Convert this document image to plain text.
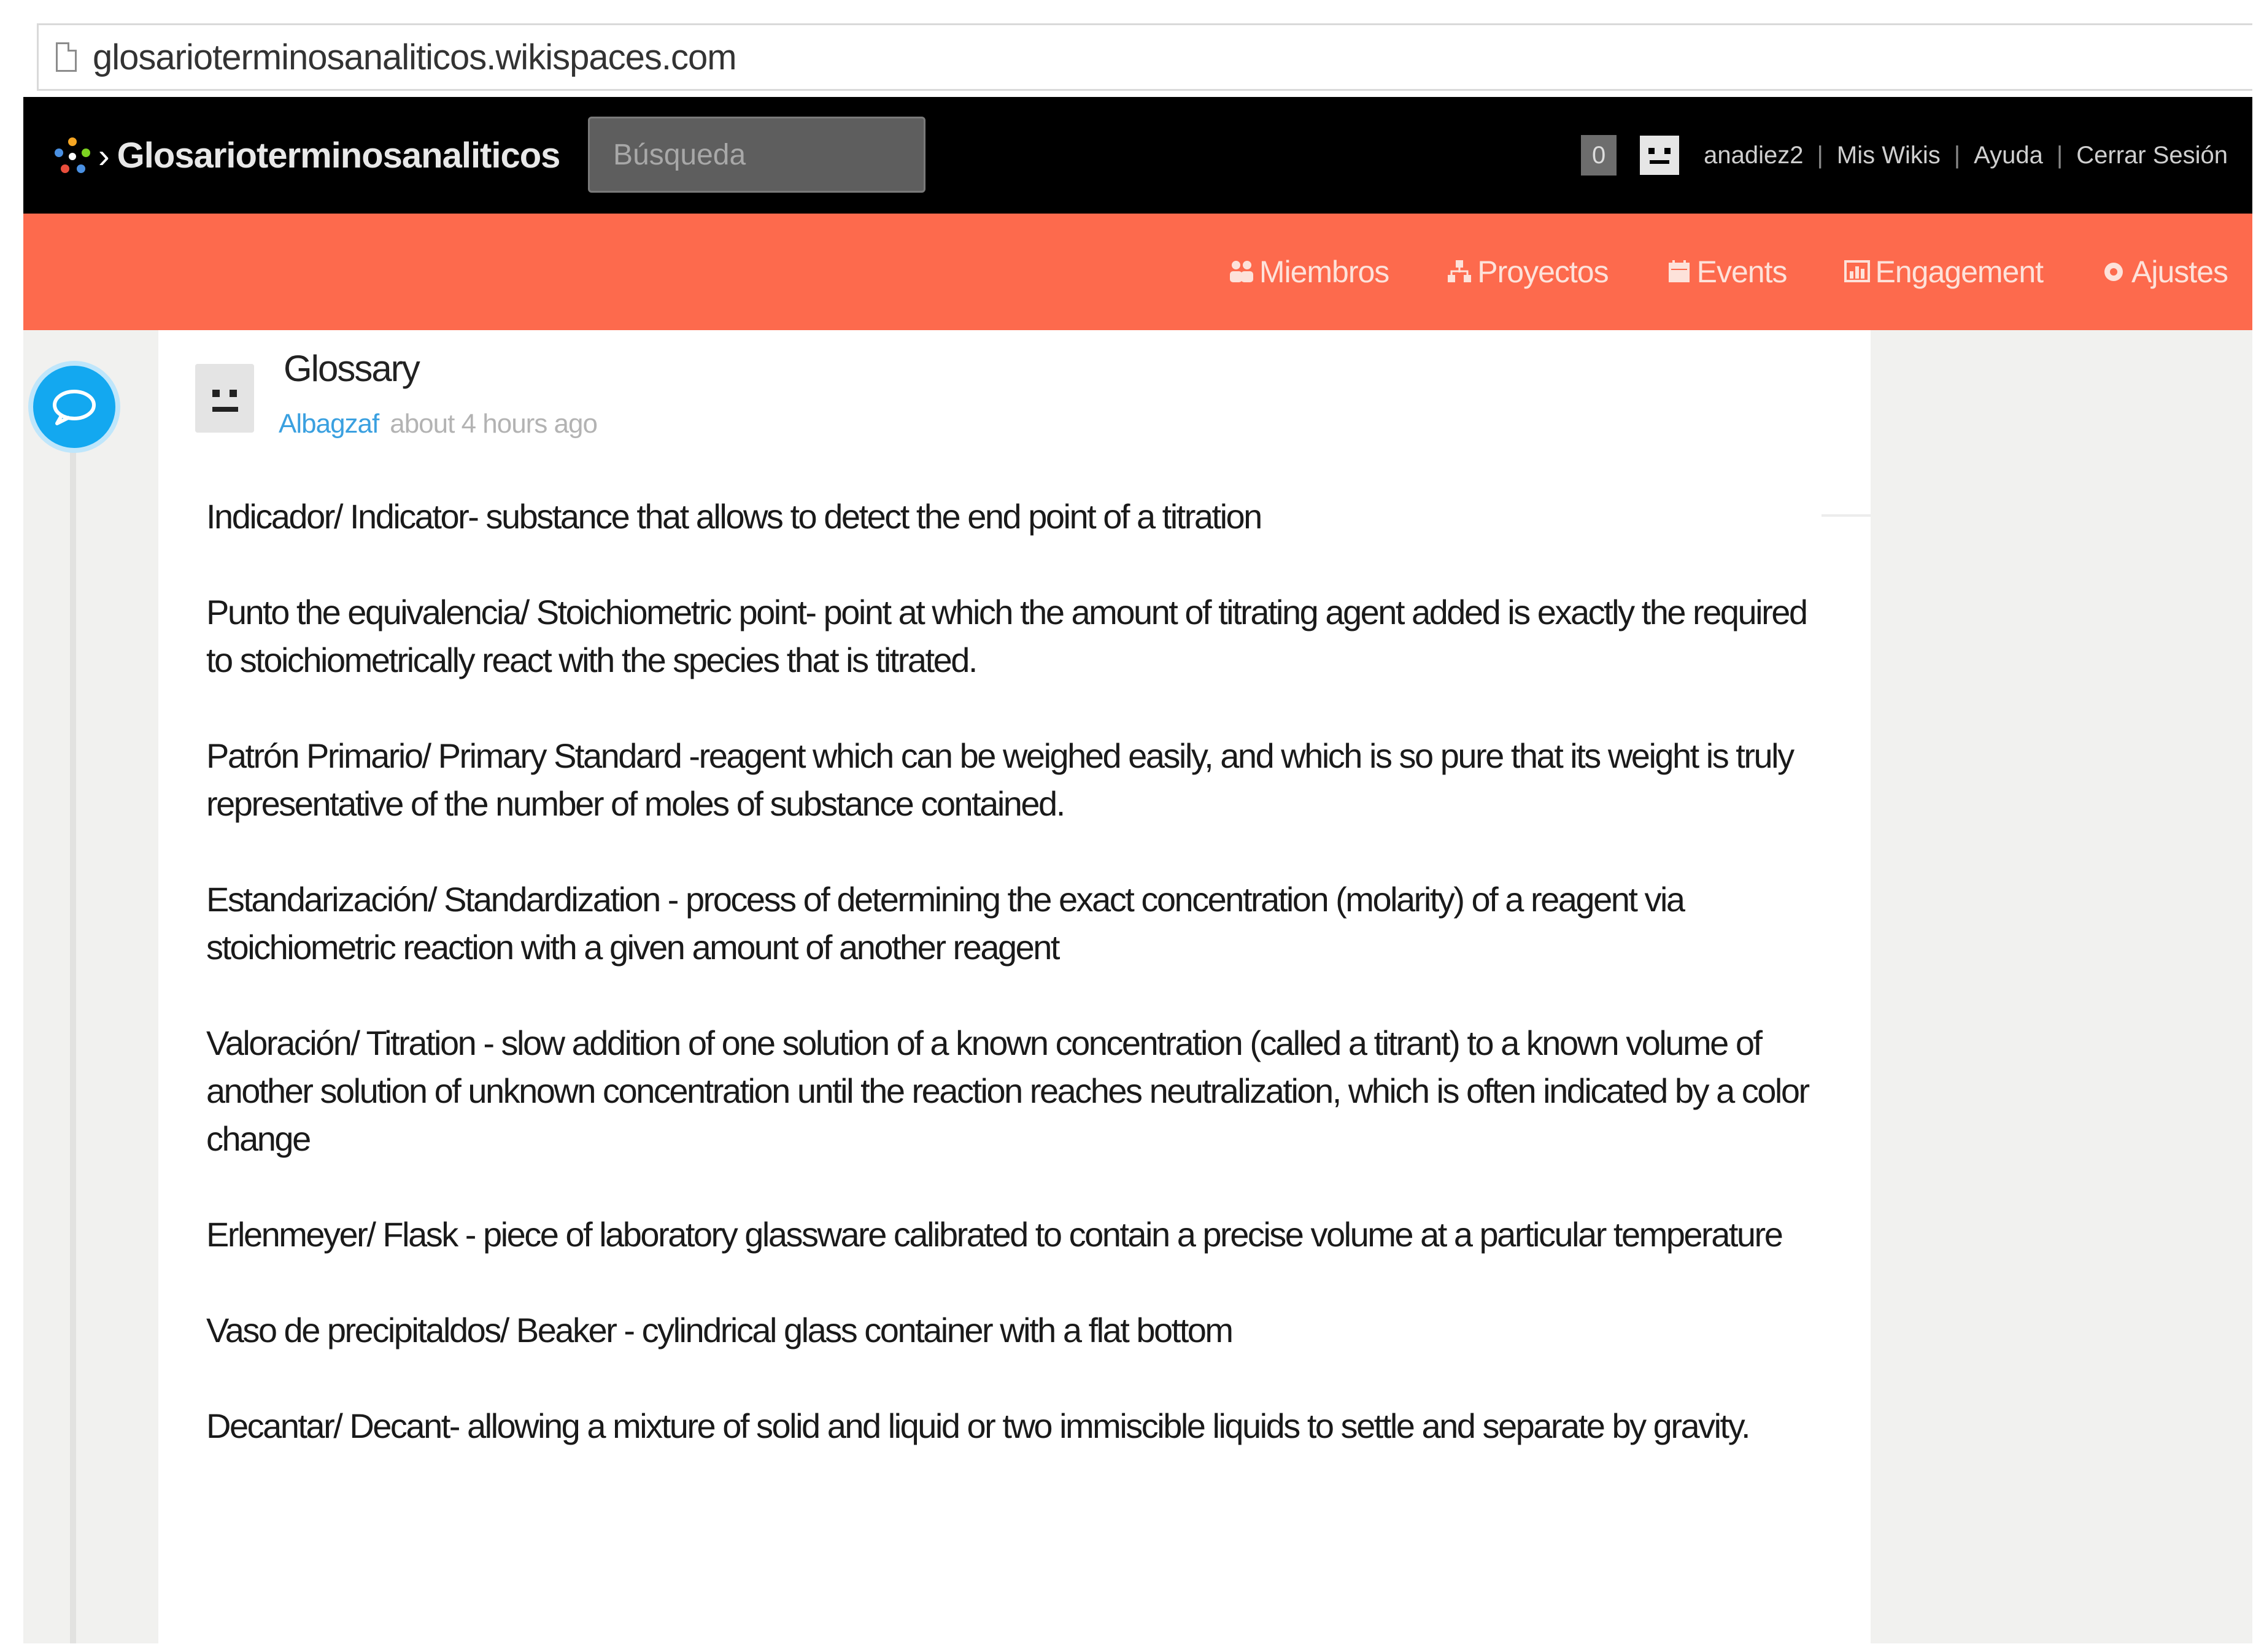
glosarioterminosanaliticos.wikispaces.com
› Glosarioterminosanaliticos
Búsqueda	0	anadiez2 | Mis Wikis | Ayuda | Cerrar Sesión
Miembros	Proyectos	Events	Engagement	Ajustes
Glossary
Albagzaf about 4 hours ago

Indicador/ Indicator- substance that allows to detect the end point of a titration

Punto the equivalencia/ Stoichiometric point- point at which the amount of titrating agent added is exactly the required to stoichiometrically react with the species that is titrated.

Patrón Primario/ Primary Standard -reagent which can be weighed easily, and which is so pure that its weight is truly representative of the number of moles of substance contained.

Estandarización/ Standardization - process of determining the exact concentration (molarity) of a reagent via stoichiometric reaction with a given amount of another reagent

Valoración/ Titration - slow addition of one solution of a known concentration (called a titrant) to a known volume of another solution of unknown concentration until the reaction reaches neutralization, which is often indicated by a color change

Erlenmeyer/ Flask - piece of laboratory glassware calibrated to contain a precise volume at a particular temperature

Vaso de precipitaldos/ Beaker - cylindrical glass container with a flat bottom

Decantar/ Decant- allowing a mixture of solid and liquid or two immiscible liquids to settle and separate by gravity.
